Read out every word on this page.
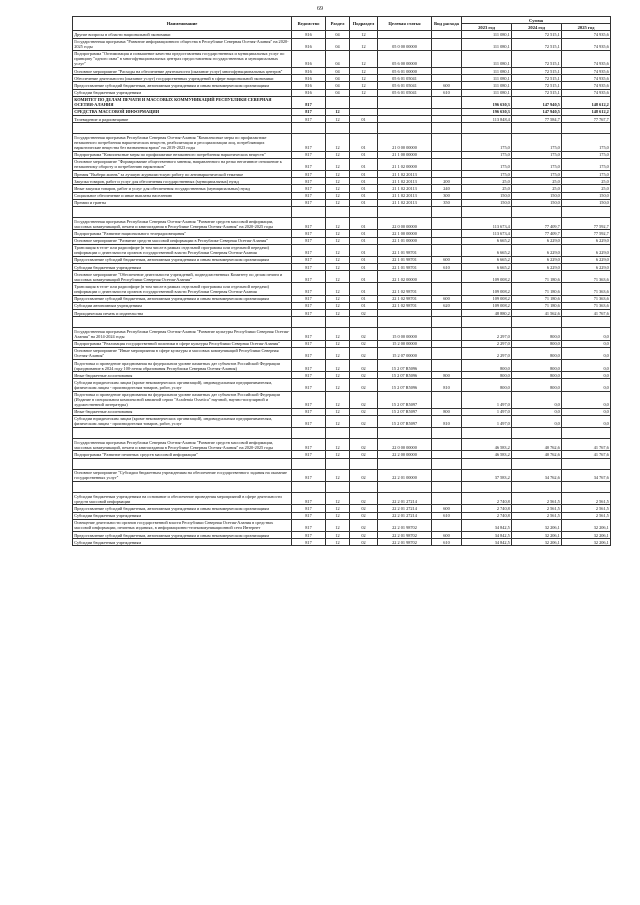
69
Наименование	Ведомство	Раздел	Подраздел	Целевая статья	Вид расхода	Сумма		
						2023 год	2024 год	2025 год
Другие вопросы в области национальной экономики	816	04	12			111 080,1	72 515,1	74 935,6
Государственная программа "Развитие информационного общества в Республике Северная Осетия-Алания" на 2020-2025 годы	816	04	12	05 0 00 00000		111 080,1	72 515,1	74 935,6
Подпрограмма "Оптимизация и повышение качества предоставления государственных и муниципальных услуг по принципу "одного окна" в многофункциональных центрах предоставления государственных и муниципальных услуг"	816	04	12	05 6 00 00000		111 080,1	72 515,1	74 935,6
Основное мероприятие "Расходы на обеспечение деятельности (оказание услуг) многофункциональных центров"	816	04	12	05 6 01 00000		111 080,1	72 515,1	74 935,6
Обеспечение деятельности (оказание услуг) государственных учреждений в сфере национальной экономики	816	04	12	05 6 01 05041		111 080,1	72 515,1	74 935,6
Предоставление субсидий бюджетным, автономным учреждениям и иным некоммерческим организациям	816	04	12	05 6 01 05041	600	111 080,1	72 515,1	74 935,6
Субсидии бюджетным учреждениям	816	04	12	05 6 01 05041	610	111 080,1	72 515,1	74 935,6
КОМИТЕТ ПО ДЕЛАМ ПЕЧАТИ И МАССОВЫХ КОММУНИКАЦИЙ РЕСПУБЛИКИ СЕВЕРНАЯ ОСЕТИЯ-АЛАНИЯ	817					196 630,3	147 940,5	148 612,2
СРЕДСТВА МАССОВОЙ ИНФОРМАЦИИ	817	12				196 630,3	147 940,5	148 612,2
Телевидение и радиовещание	817	12	01			113 848,4	77 584,7	77 767,7

Государственная программа Республики Северная Осетия-Алания "Комплексные меры по профилактике незаконного потребления наркотических веществ, реабилитации и ресоциализации лиц, потребляющих наркотические вещества без назначения врача" на 2019-2023 годы	817	12	01	21 0 00 00000		175,0	175,0	175,0
Подпрограмма "Комплексные меры по профилактике незаконного потребления наркотических веществ"	817	12	01	21 1 00 00000		175,0	175,0	175,0
Основное мероприятие "Формирование общественного мнения, направленного на резко негативное отношение к незаконному обороту и потреблению наркотиков"	817	12	01	21 1 02 00000		175,0	175,0	175,0
Премия "Выбери жизнь" за лучшую журналистскую работу по антинаркотической тематике	817	12	01	21 1 02 20113		175,0	175,0	175,0
Закупка товаров, работ и услуг для обеспечения государственных (муниципальных) нужд	817	12	01	21 1 02 20113	200	25,0	25,0	25,0
Иные закупки товаров, работ и услуг для обеспечения государственных (муниципальных) нужд	817	12	01	21 1 02 20113	240	25,0	25,0	25,0
Социальное обеспечение и иные выплаты населению	817	12	01	21 1 02 20113	300	150,0	150,0	150,0
Премии и гранты	817	12	01	21 1 02 20113	350	150,0	150,0	150,0

Государственная программа Республики Северная Осетия-Алания "Развитие средств массовой информации, массовых коммуникаций, печати и книгоиздания в Республике Северная Осетия-Алания" на 2020-2025 годы	817	12	01	22 0 00 00000		113 673,4	77 409,7	77 592,7
Подпрограмма "Развитие национального телерадиовещания"	817	12	01	22 1 00 00000		113 673,4	77 409,7	77 592,7
Основное мероприятие "Развитие средств массовой информации в Республике Северная Осетия-Алания"	817	12	01	22 1 01 00000		6 665,2	6 229,0	6 229,0
Трансляция в теле- или радиоэфире (в том числе в рамках отдельной программы или отдельной передачи) информации о деятельности органов государственной власти Республики Северная Осетия-Алания	817	12	01	22 1 01 98701		6 665,2	6 229,0	6 229,0
Предоставление субсидий бюджетным, автономным учреждениям и иным некоммерческим организациям	817	12	01	22 1 01 98701	600	6 665,2	6 229,0	6 229,0
Субсидии бюджетным учреждениям	817	12	01	22 1 01 98701	610	6 665,2	6 229,0	6 229,0
Основное мероприятие "Обеспечение деятельности учреждений, подведомственных Комитету по делам печати и массовых коммуникаций Республики Северная Осетия-Алания"	817	12	01	22 1 02 00000		109 008,2	71 180,6	71 363,6
Трансляция в теле- или радиоэфире (в том числе в рамках отдельной программы или отдельной передачи) информации о деятельности органов государственной власти Республики Северная Осетия-Алания	817	12	01	22 1 02 98701		109 008,2	71 180,6	71 363,6
Предоставление субсидий бюджетным, автономным учреждениям и иным некоммерческим организациям	817	12	01	22 1 02 98701	600	109 008,2	71 180,6	71 363,6
Субсидии автономным учреждениям	817	12	01	22 1 02 98701	620	109 008,2	71 180,6	71 363,6
Периодическая печать и издательства	817	12	02			48 880,2	41 562,6	41 767,6

Государственная программа Республики Северная Осетия-Алания "Развитие культуры Республики Северная Осетия-Алания" на 2014-2024 годы	817	12	02	15 0 00 00000		2 297,0	800,0	0,0
Подпрограмма "Реализация государственной политики в сфере культуры Республики Северная Осетия-Алания"	817	12	02	15 2 00 00000		2 297,0	800,0	0,0
Основное мероприятие "Иные мероприятия в сфере культуры и массовых коммуникаций Республики Северная Осетия-Алания"	817	12	02	15 2 07 00000		2 297,0	800,0	0,0
Подготовка и проведение празднования на федеральном уровне памятных дат субъектов Российской Федерации (празднование в 2024 году 100-летия образования Республики Северная Осетия-Алания)	817	12	02	15 2 07 R5096		800,0	800,0	0,0
Иные бюджетные ассигнования	817	12	02	15 2 07 R5096	800	800,0	800,0	0,0
Субсидии юридическим лицам (кроме некоммерческих организаций), индивидуальным предпринимателям, физическим лицам - производителям товаров, работ, услуг	817	12	02	15 2 07 R5096	810	800,0	800,0	0,0
Подготовка и проведение празднования на федеральном уровне памятных дат субъектов Российской Федерации (Издание в специальном комплексной книжной серии "Academia Ossetica" научной, научно-популярной и художественной литературы)	817	12	02	15 2 07 R5097		1 497,0	0,0	0,0
Иные бюджетные ассигнования	817	12	02	15 2 07 R5097	800	1 497,0	0,0	0,0
Субсидии юридическим лицам (кроме некоммерческих организаций), индивидуальным предпринимателям, физическим лицам - производителям товаров, работ, услуг	817	12	02	15 2 07 R5097	810	1 497,0	0,0	0,0

Государственная программа Республики Северная Осетия-Алания "Развитие средств массовой информации, массовых коммуникаций, печати и книгоиздания в Республике Северная Осетия-Алания" на 2020-2025 годы	817	12	02	22 0 00 00000		46 583,2	40 762,6	41 767,6
Подпрограмма "Развитие печатных средств массовой информации"	817	12	02	22 2 00 00000		46 583,2	40 762,6	41 767,6

Основное мероприятие "Субсидии бюджетным учреждениям на обеспечение государственного задания на оказание государственных услуг"	817	12	02	22 2 01 00000		37 583,2	34 762,6	34 767,6

Субсидии бюджетным учреждениям на основание и обеспечение проведения мероприятий в сфере деятельности средств массовой информации	817	12	02	22 2 01 27214		2 740,8	2 561,5	2 561,5
Предоставление субсидий бюджетным, автономным учреждениям и иным некоммерческим организациям	817	12	02	22 2 01 27214	600	2 740,8	2 561,5	2 561,5
Субсидии бюджетным учреждениям	817	12	02	22 2 01 27214	610	2 740,8	2 561,5	2 561,5
Освещение деятельности органов государственной власти Республики Северная Осетия-Алания в средствах массовой информации, печатных изданиях, в информационно-телекоммуникационной сети Интернет	817	12	02	22 2 01 98702		34 842,5	32 206,1	32 206,1
Предоставление субсидий бюджетным, автономным учреждениям и иным некоммерческим организациям	817	12	02	22 2 01 98702	600	34 842,5	32 206,1	32 206,1
Субсидии бюджетным учреждениям	817	12	02	22 2 01 98702	610	34 842,5	32 206,1	32 206,1
